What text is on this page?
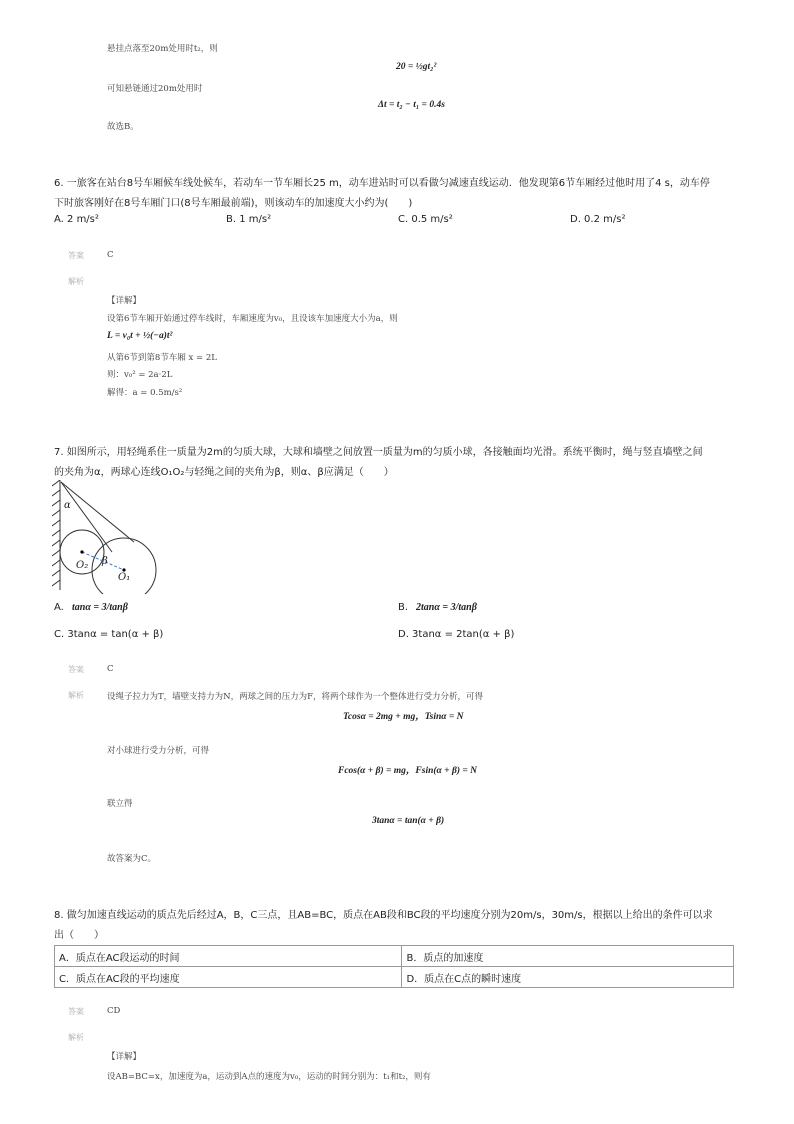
悬挂点落至20m处用时t₂，则
20 = ½gt₂²
可知悬链通过20m处用时
Δt = t₂ − t₁ = 0.4s
故选B。
6. 一旅客在站台8号车厢候车线处候车，若动车一节车厢长25 m，动车进站时可以看做匀减速直线运动．他发现第6节车厢经过他时用了4 s，动车停
下时旅客刚好在8号车厢门口(8号车厢最前端)，则该动车的加速度大小约为(　　)
A. 2 m/s²	B. 1 m/s²	C. 0.5 m/s²	D. 0.2 m/s²
答案	C
解析
【详解】
设第6节车厢开始通过停车线时，车厢速度为v₀，且设该车加速度大小为a，则
L = v₀t + ½(−a)t²
从第6节到第8节车厢 x = 2L
则：v₀² = 2a·2L
解得：a = 0.5m/s²
7. 如图所示，用轻绳系住一质量为2m的匀质大球，大球和墙壁之间放置一质量为m的匀质小球，各接触面均光滑。系统平衡时，绳与竖直墙壁之间
的夹角为α，两球心连线O₁O₂与轻绳之间的夹角为β，则α、β应满足（　　）
α
β
O₂
O₁
A. tanα = 3/tanβ	B. 2tanα = 3/tanβ
C. 3tanα = tan(α + β)	D. 3tanα = 2tan(α + β)
答案	C
解析	设绳子拉力为T，墙壁支持力为N，两球之间的压力为F，将两个球作为一个整体进行受力分析，可得
Tcosα = 2mg + mg，Tsinα = N
对小球进行受力分析，可得
Fcos(α + β) = mg，Fsin(α + β) = N
联立得
3tanα = tan(α + β)
故答案为C。
8. 做匀加速直线运动的质点先后经过A，B，C三点，且AB=BC，质点在AB段和BC段的平均速度分别为20m/s，30m/s，根据以上给出的条件可以求
出（　　）
A．质点在AC段运动的时间	B．质点的加速度
C．质点在AC段的平均速度	D．质点在C点的瞬时速度
答案	CD
解析
【详解】
设AB=BC=x，加速度为a，运动到A点的速度为v₀，运动的时间分别为：t₁和t₂，则有
